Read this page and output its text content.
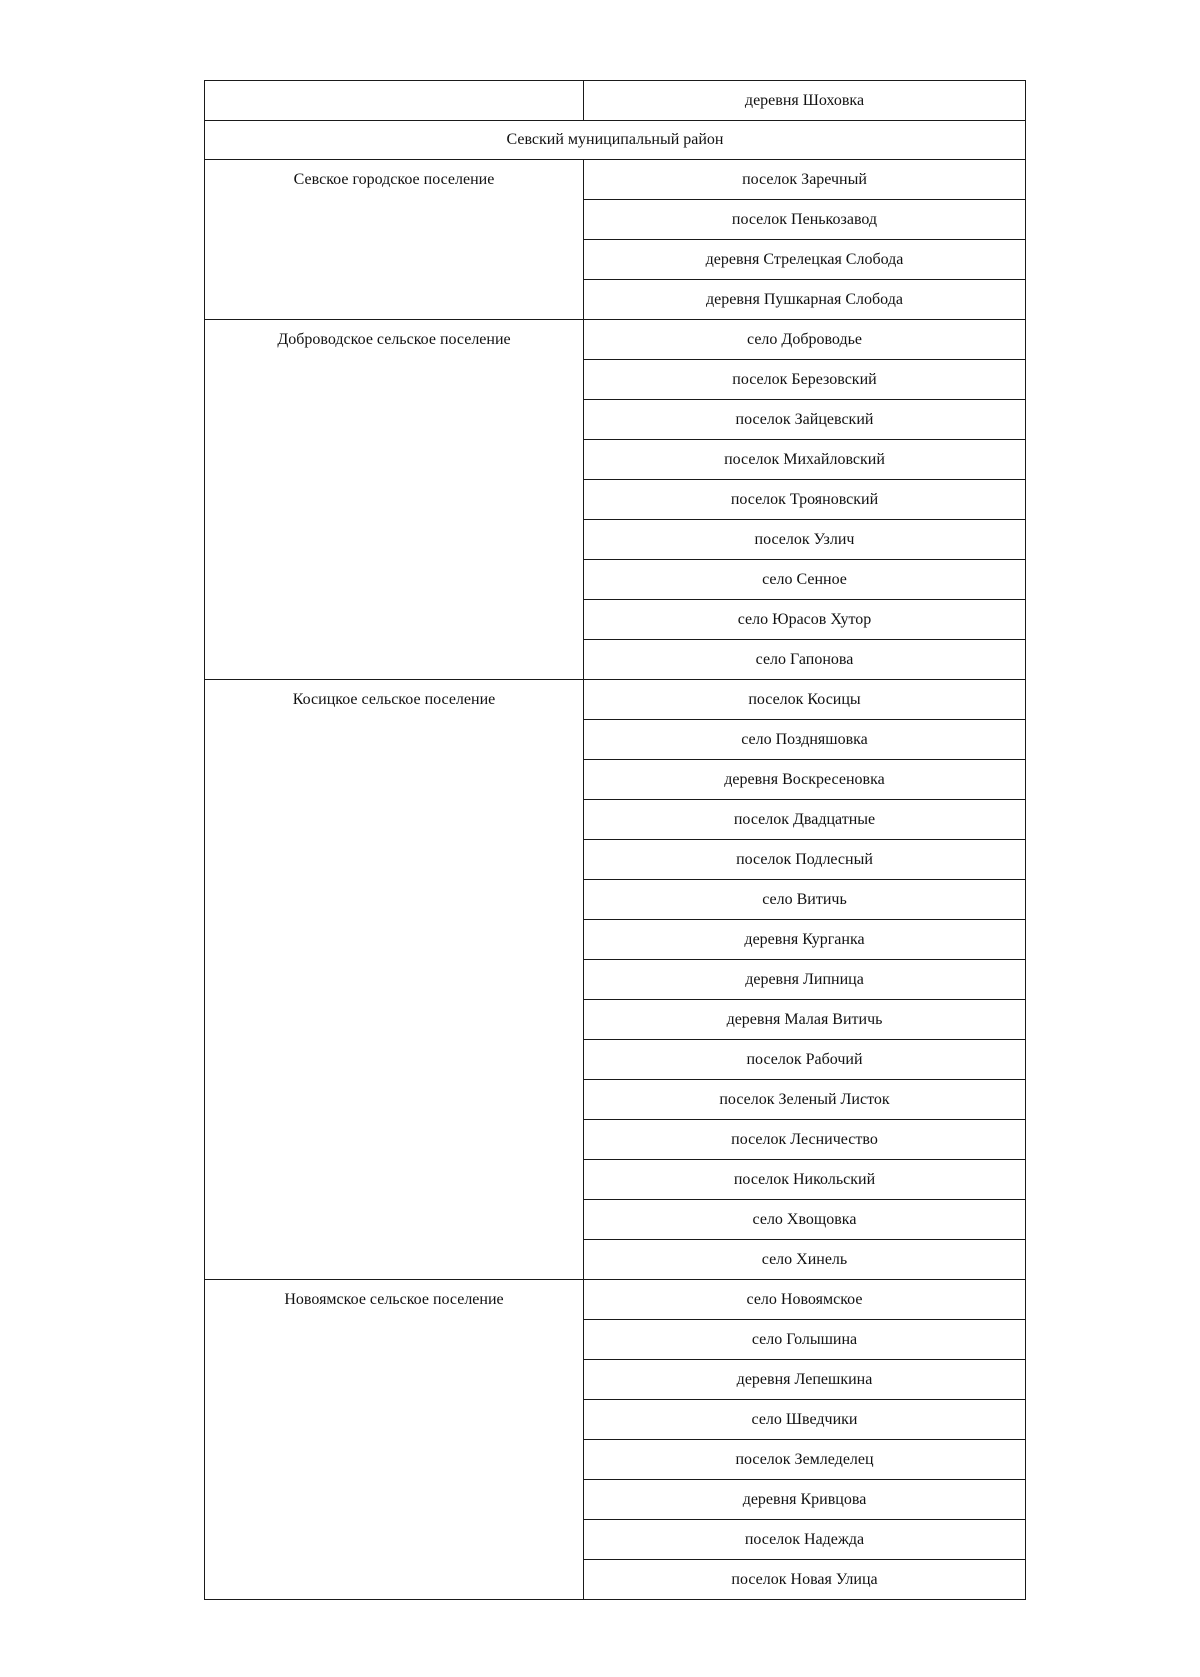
	деревня Шоховка
Севский муниципальный район	
Севское городское поселение	поселок Заречный
	поселок Пенькозавод
	деревня Стрелецкая Слобода
	деревня Пушкарная Слобода
Доброводское сельское поселение	село Доброводье
	поселок Березовский
	поселок Зайцевский
	поселок Михайловский
	поселок Трояновский
	поселок Узлич
	село Сенное
	село Юрасов Хутор
	село Гапонова
Косицкое сельское поселение	поселок Косицы
	село Поздняшовка
	деревня Воскресеновка
	поселок Двадцатные
	поселок Подлесный
	село Витичь
	деревня Курганка
	деревня Липница
	деревня Малая Витичь
	поселок Рабочий
	поселок Зеленый Листок
	поселок Лесничество
	поселок Никольский
	село Хвощовка
	село Хинель
Новоямское сельское поселение	село Новоямское
	село Голышина
	деревня Лепешкина
	село Шведчики
	поселок Земледелец
	деревня Кривцова
	поселок Надежда
	поселок Новая Улица
